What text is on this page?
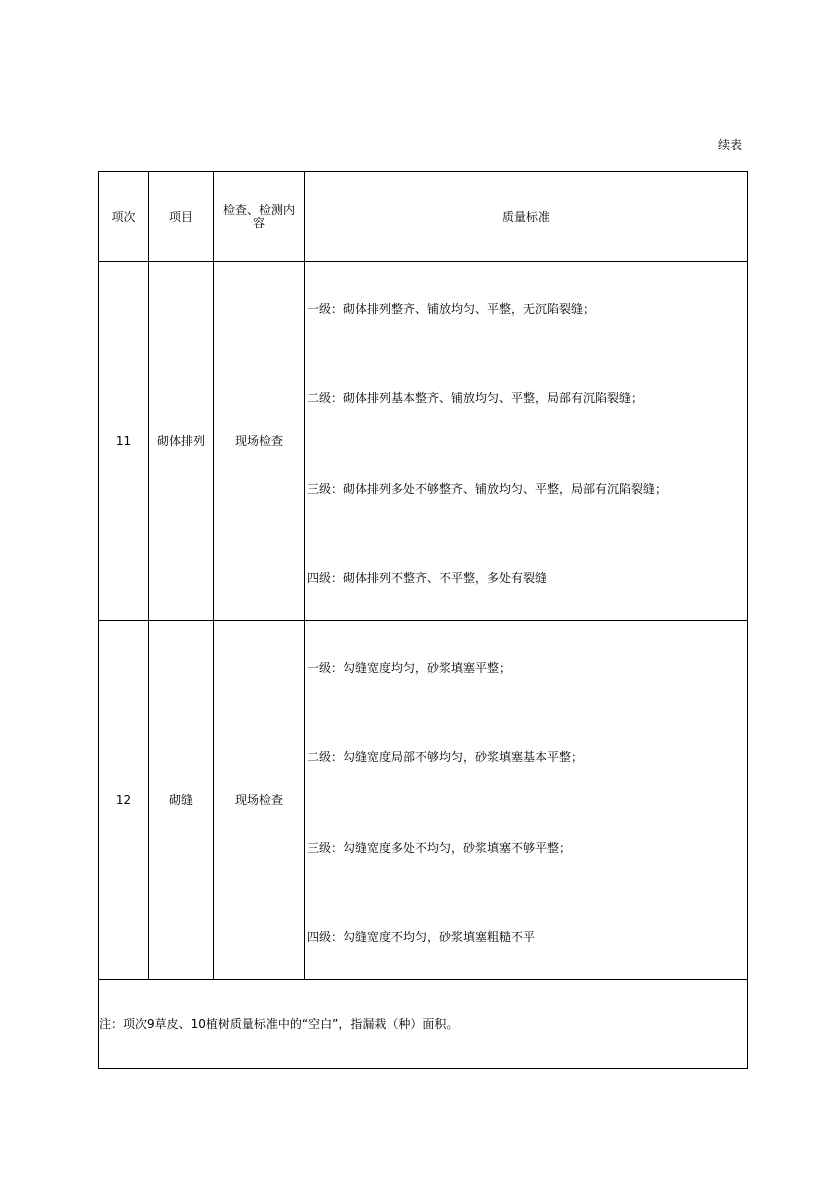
续表
项次	项目	检查、检测内容	质量标准
11	砌体排列	现场检查	一级：砌体排列整齐、铺放均匀、平整，无沉陷裂缝；
二级：砌体排列基本整齐、铺放均匀、平整，局部有沉陷裂缝；
三级：砌体排列多处不够整齐、铺放均匀、平整，局部有沉陷裂缝；
四级：砌体排列不整齐、不平整，多处有裂缝

12	砌缝	现场检查	一级：勾缝宽度均匀，砂浆填塞平整；
二级：勾缝宽度局部不够均匀，砂浆填塞基本平整；
三级：勾缝宽度多处不均匀，砂浆填塞不够平整；
四级：勾缝宽度不均匀，砂浆填塞粗糙不平

注：项次9草皮、10植树质量标准中的“空白”，指漏栽（种）面积。			
